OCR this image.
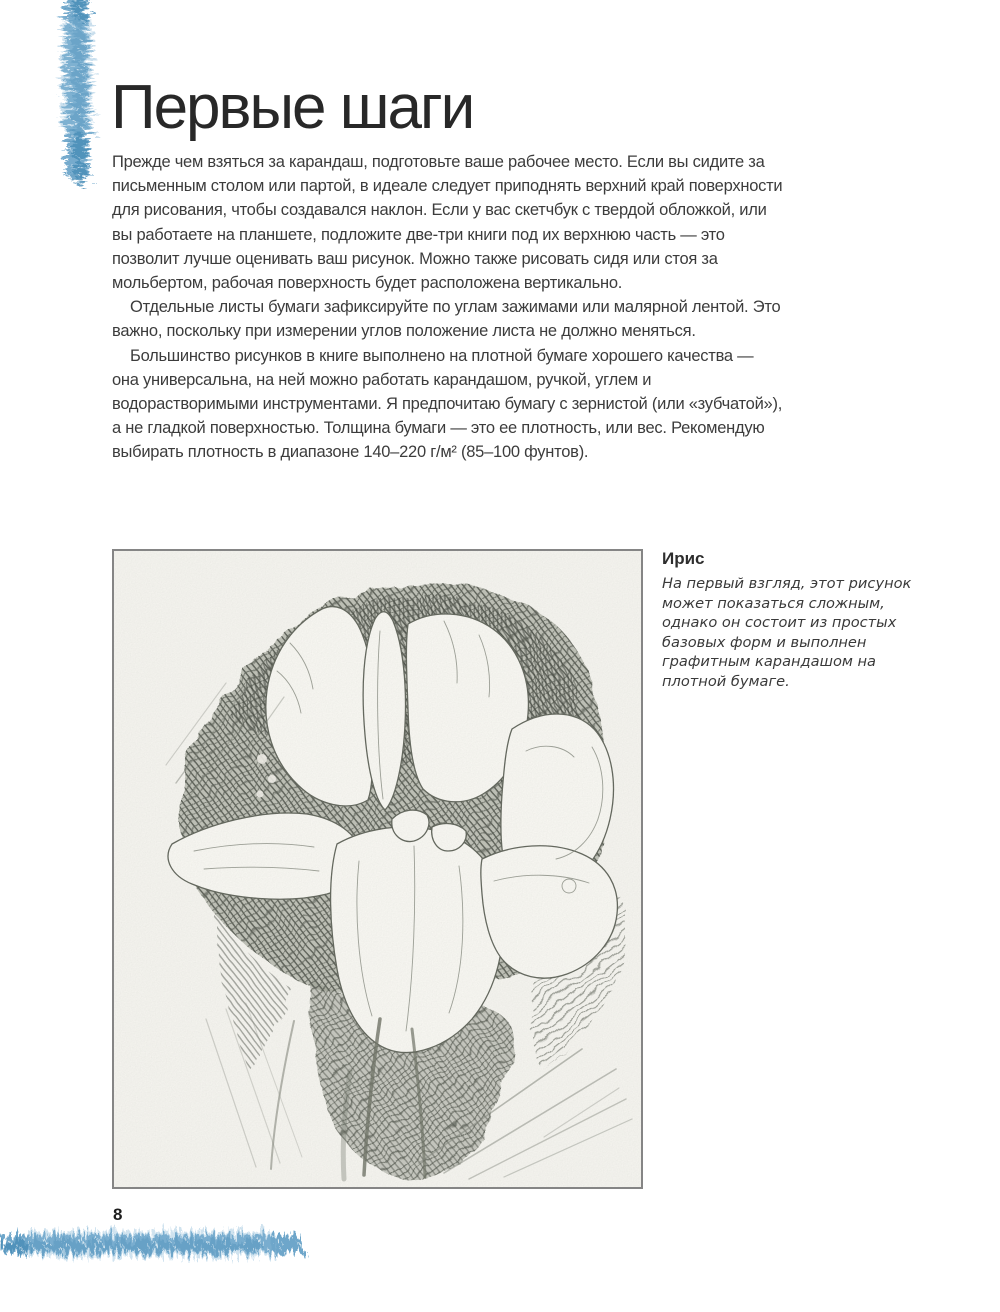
Первые шаги

Прежде чем взяться за карандаш, подготовьте ваше рабочее место. Если вы сидите за письменным столом или партой, в идеале следует приподнять верхний край поверхности для рисования, чтобы создавался наклон. Если у вас скетчбук с твердой обложкой, или вы работаете на планшете, подложите две-три книги под их верхнюю часть — это позволит лучше оценивать ваш рисунок. Можно также рисовать сидя или стоя за мольбертом, рабочая поверхность будет расположена вертикально.

Отдельные листы бумаги зафиксируйте по углам зажимами или малярной лентой. Это важно, поскольку при измерении углов положение листа не должно меняться.

Большинство рисунков в книге выполнено на плотной бумаге хорошего качества — она универсальна, на ней можно работать карандашом, ручкой, углем и водорастворимыми инструментами. Я предпочитаю бумагу с зернистой (или «зубчатой»), а не гладкой поверхностью. Толщина бумаги — это ее плотность, или вес. Рекомендую выбирать плотность в диапазоне 140–220 г/м² (85–100 фунтов).

Ирис
На первый взгляд, этот рисунок может показаться сложным, однако он состоит из простых базовых форм и выполнен графитным карандашом на плотной бумаге.
8
